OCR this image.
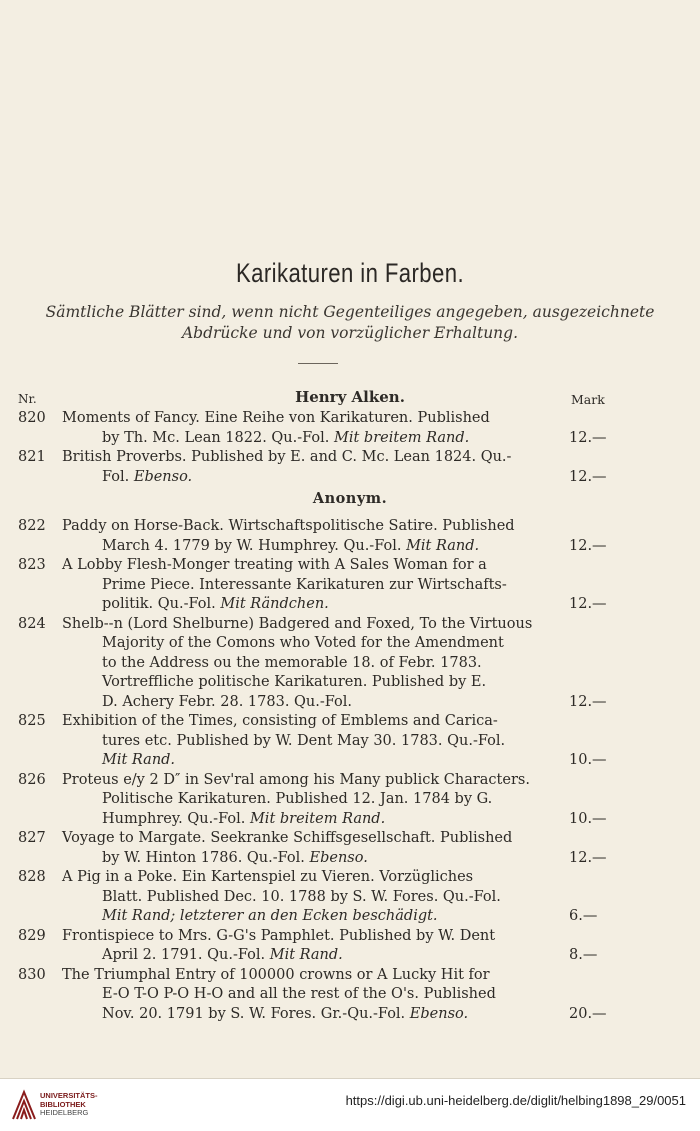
Karikaturen in Farben.
Sämtliche Blätter sind, wenn nicht Gegenteiliges angegeben, ausgezeichnete
Abdrücke und von vorzüglicher Erhaltung.
Nr.	Henry Alken.	Mark
820 Moments of Fancy. Eine Reihe von Karikaturen. Published
by Th. Mc. Lean 1822. Qu.-Fol. Mit breitem Rand.	12.—
821 British Proverbs. Published by E. and C. Mc. Lean 1824. Qu.-
Fol. Ebenso.	12.—
Anonym.
822 Paddy on Horse-Back. Wirtschaftspolitische Satire. Published
March 4. 1779 by W. Humphrey. Qu.-Fol. Mit Rand.	12.—
823 A Lobby Flesh-Monger treating with A Sales Woman for a
Prime Piece. Interessante Karikaturen zur Wirtschafts-
politik. Qu.-Fol. Mit Rändchen.	12.—
824 Shelb--n (Lord Shelburne) Badgered and Foxed, To the Virtuous
Majority of the Comons who Voted for the Amendment
to the Address ou the memorable 18. of Febr. 1783.
Vortreffliche politische Karikaturen. Published by E.
D. Achery Febr. 28. 1783. Qu.-Fol.	12.—
825 Exhibition of the Times, consisting of Emblems and Carica-
tures etc. Published by W. Dent May 30. 1783. Qu.-Fol.
Mit Rand.	10.—
826 Proteus e/y 2 D″ in Sev'ral among his Many publick Characters.
Politische Karikaturen. Published 12. Jan. 1784 by G.
Humphrey. Qu.-Fol. Mit breitem Rand.	10.—
827 Voyage to Margate. Seekranke Schiffsgesellschaft. Published
by W. Hinton 1786. Qu.-Fol. Ebenso.	12.—
828 A Pig in a Poke. Ein Kartenspiel zu Vieren. Vorzügliches
Blatt. Published Dec. 10. 1788 by S. W. Fores. Qu.-Fol.
Mit Rand; letzterer an den Ecken beschädigt.	6.—
829 Frontispiece to Mrs. G-G's Pamphlet. Published by W. Dent
April 2. 1791. Qu.-Fol. Mit Rand.	8.—
830 The Triumphal Entry of 100000 crowns or A Lucky Hit for
E-O T-O P-O H-O and all the rest of the O's. Published
Nov. 20. 1791 by S. W. Fores. Gr.-Qu.-Fol. Ebenso.	20.—
UNIVERSITÄTS-
BIBLIOTHEK
HEIDELBERG
https://digi.ub.uni-heidelberg.de/diglit/helbing1898_29/0051
